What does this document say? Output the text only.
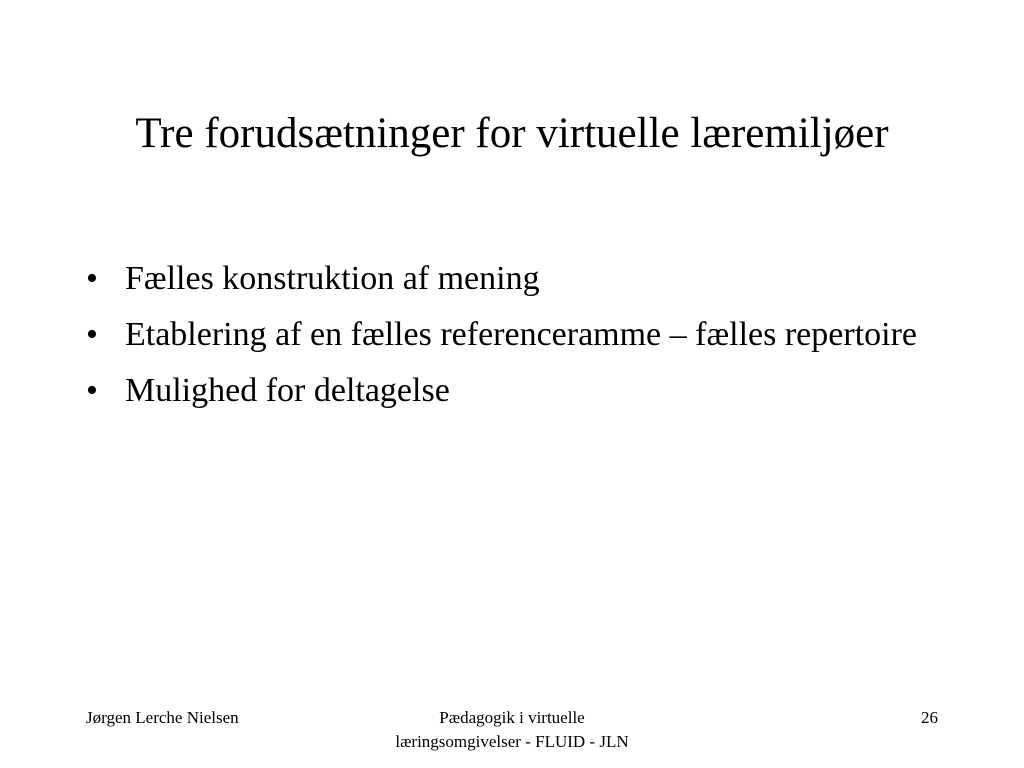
Tre forudsætninger for virtuelle læremiljøer
• Fælles konstruktion af mening
• Etablering af en fælles referenceramme – fælles repertoire
• Mulighed for deltagelse
Jørgen Lerche Nielsen	Pædagogik i virtuelle
læringsomgivelser - FLUID - JLN
26
